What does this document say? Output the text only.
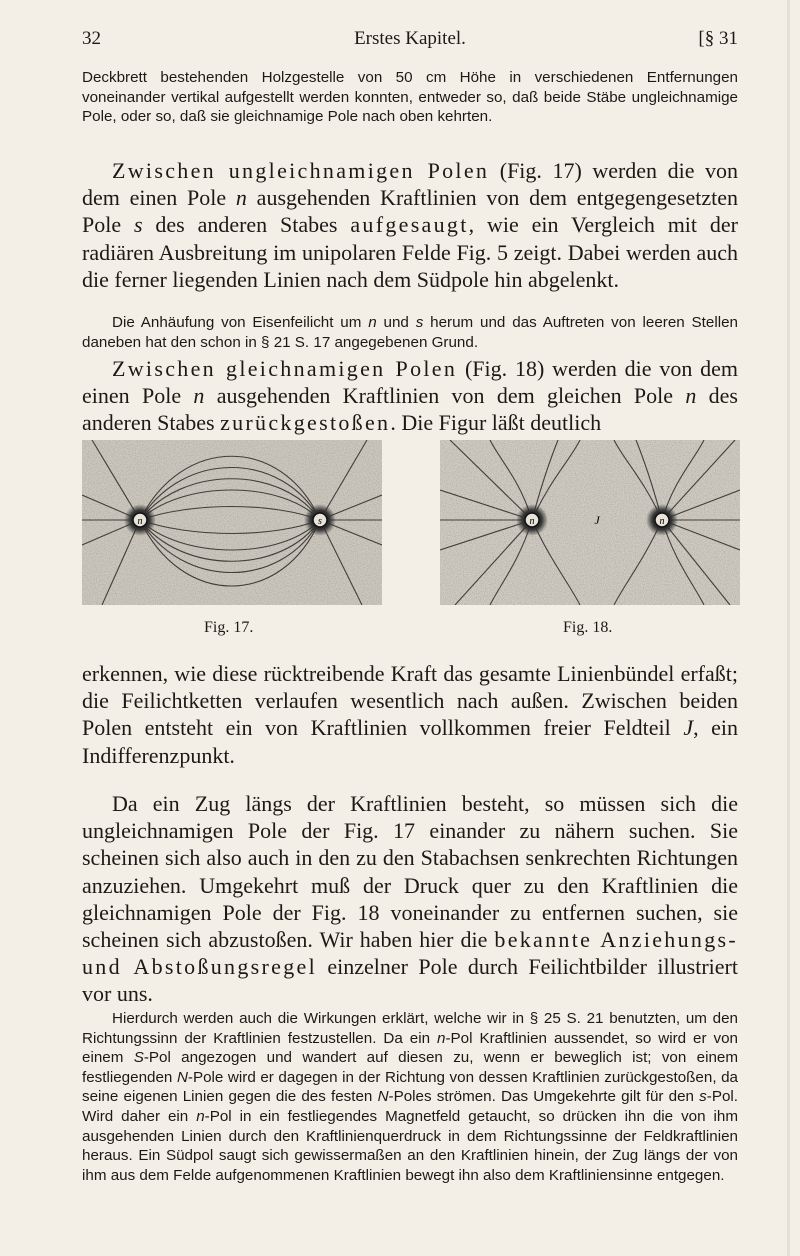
32	Erstes Kapitel.	[§ 31

Deckbrett bestehenden Holzgestelle von 50 cm Höhe in verschiedenen Entfernungen voneinander vertikal aufgestellt werden konnten, entweder so, daß beide Stäbe ungleichnamige Pole, oder so, daß sie gleichnamige Pole nach oben kehrten.

Zwischen ungleichnamigen Polen (Fig. 17) werden die von dem einen Pole n ausgehenden Kraftlinien von dem entgegengesetzten Pole s des anderen Stabes aufgesaugt, wie ein Vergleich mit der radiären Ausbreitung im unipolaren Felde Fig. 5 zeigt. Dabei werden auch die ferner liegenden Linien nach dem Südpole hin abgelenkt.

Die Anhäufung von Eisenfeilicht um n und s herum und das Auftreten von leeren Stellen daneben hat den schon in § 21 S. 17 angegebenen Grund.

Zwischen gleichnamigen Polen (Fig. 18) werden die von dem einen Pole n ausgehenden Kraftlinien von dem gleichen Pole n des anderen Stabes zurückgestoßen. Die Figur läßt deutlich

n	s	n	n
J
Fig. 17.	Fig. 18.

erkennen, wie diese rücktreibende Kraft das gesamte Linienbündel erfaßt; die Feilichtketten verlaufen wesentlich nach außen. Zwischen beiden Polen entsteht ein von Kraftlinien vollkommen freier Feldteil J, ein Indifferenzpunkt.

Da ein Zug längs der Kraftlinien besteht, so müssen sich die ungleichnamigen Pole der Fig. 17 einander zu nähern suchen. Sie scheinen sich also auch in den zu den Stabachsen senkrechten Richtungen anzuziehen. Umgekehrt muß der Druck quer zu den Kraftlinien die gleichnamigen Pole der Fig. 18 voneinander zu entfernen suchen, sie scheinen sich abzustoßen. Wir haben hier die bekannte Anziehungs- und Abstoßungsregel einzelner Pole durch Feilichtbilder illustriert vor uns.

Hierdurch werden auch die Wirkungen erklärt, welche wir in § 25 S. 21 benutzten, um den Richtungssinn der Kraftlinien festzustellen. Da ein n-Pol Kraftlinien aussendet, so wird er von einem S-Pol angezogen und wandert auf diesen zu, wenn er beweglich ist; von einem festliegenden N-Pole wird er dagegen in der Richtung von dessen Kraftlinien zurückgestoßen, da seine eigenen Linien gegen die des festen N-Poles strömen. Das Umgekehrte gilt für den s-Pol. Wird daher ein n-Pol in ein festliegendes Magnetfeld getaucht, so drücken ihn die von ihm ausgehenden Linien durch den Kraftlinienquerdruck in dem Richtungssinne der Feldkraftlinien heraus. Ein Südpol saugt sich gewissermaßen an den Kraftlinien hinein, der Zug längs der von ihm aus dem Felde aufgenommenen Kraftlinien bewegt ihn also dem Kraftliniensinne entgegen.
